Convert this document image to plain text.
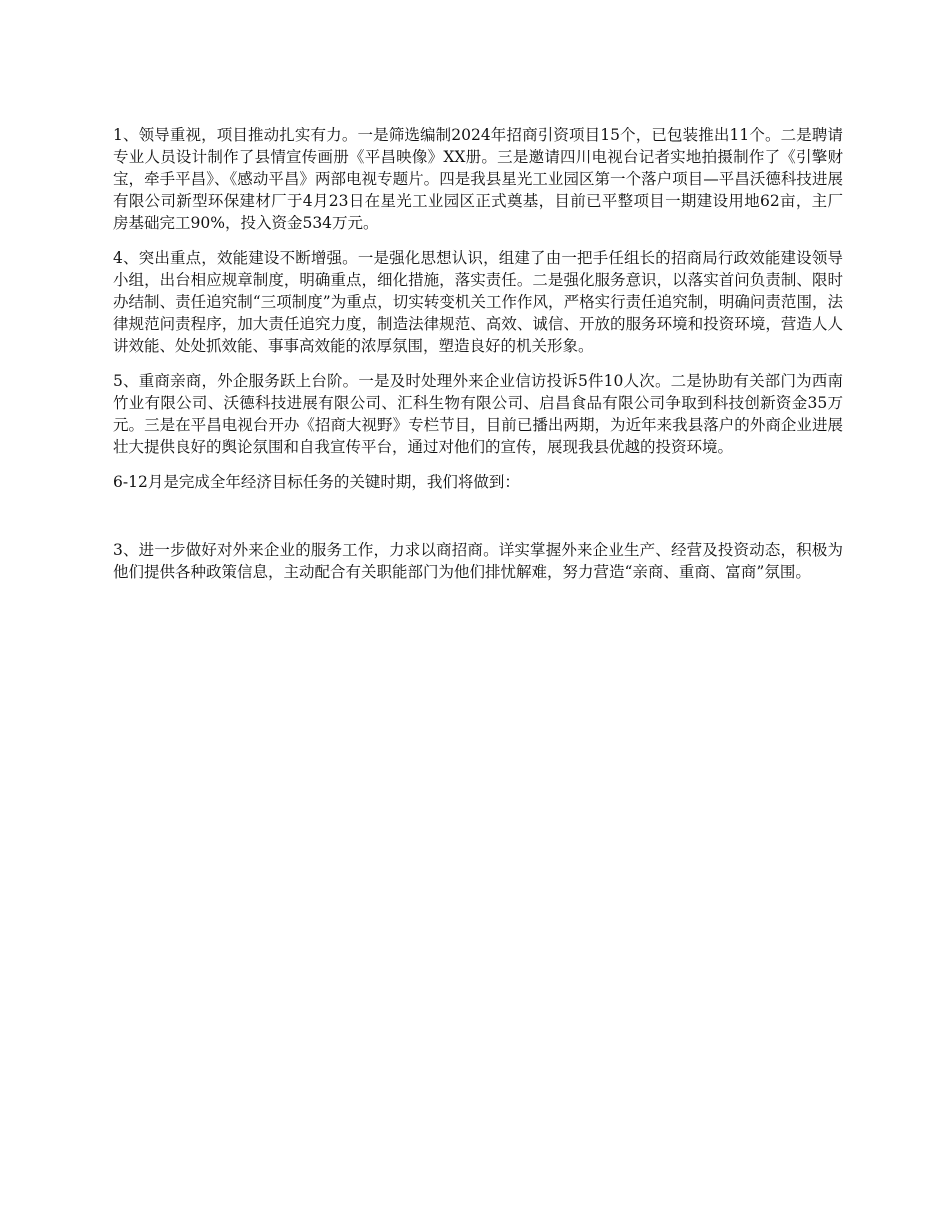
1、领导重视，项目推动扎实有力。一是筛选编制2024年招商引资项目15个，已包装推出11个。二是聘请专业人员设计制作了县情宣传画册《平昌映像》XX册。三是邀请四川电视台记者实地拍摄制作了《引擎财宝，牵手平昌》、《感动平昌》两部电视专题片。四是我县星光工业园区第一个落户项目—平昌沃德科技进展有限公司新型环保建材厂于4月23日在星光工业园区正式奠基，目前已平整项目一期建设用地62亩，主厂房基础完工90%，投入资金534万元。

4、突出重点，效能建设不断增强。一是强化思想认识，组建了由一把手任组长的招商局行政效能建设领导小组，出台相应规章制度，明确重点，细化措施，落实责任。二是强化服务意识，以落实首问负责制、限时办结制、责任追究制“三项制度”为重点，切实转变机关工作作风，严格实行责任追究制，明确问责范围，法律规范问责程序，加大责任追究力度，制造法律规范、高效、诚信、开放的服务环境和投资环境，营造人人讲效能、处处抓效能、事事高效能的浓厚氛围，塑造良好的机关形象。

5、重商亲商，外企服务跃上台阶。一是及时处理外来企业信访投诉5件10人次。二是协助有关部门为西南竹业有限公司、沃德科技进展有限公司、汇科生物有限公司、启昌食品有限公司争取到科技创新资金35万元。三是在平昌电视台开办《招商大视野》专栏节目，目前已播出两期，为近年来我县落户的外商企业进展壮大提供良好的舆论氛围和自我宣传平台，通过对他们的宣传，展现我县优越的投资环境。

6-12月是完成全年经济目标任务的关键时期，我们将做到：

3、进一步做好对外来企业的服务工作，力求以商招商。详实掌握外来企业生产、经营及投资动态，积极为他们提供各种政策信息，主动配合有关职能部门为他们排忧解难，努力营造“亲商、重商、富商”氛围。
